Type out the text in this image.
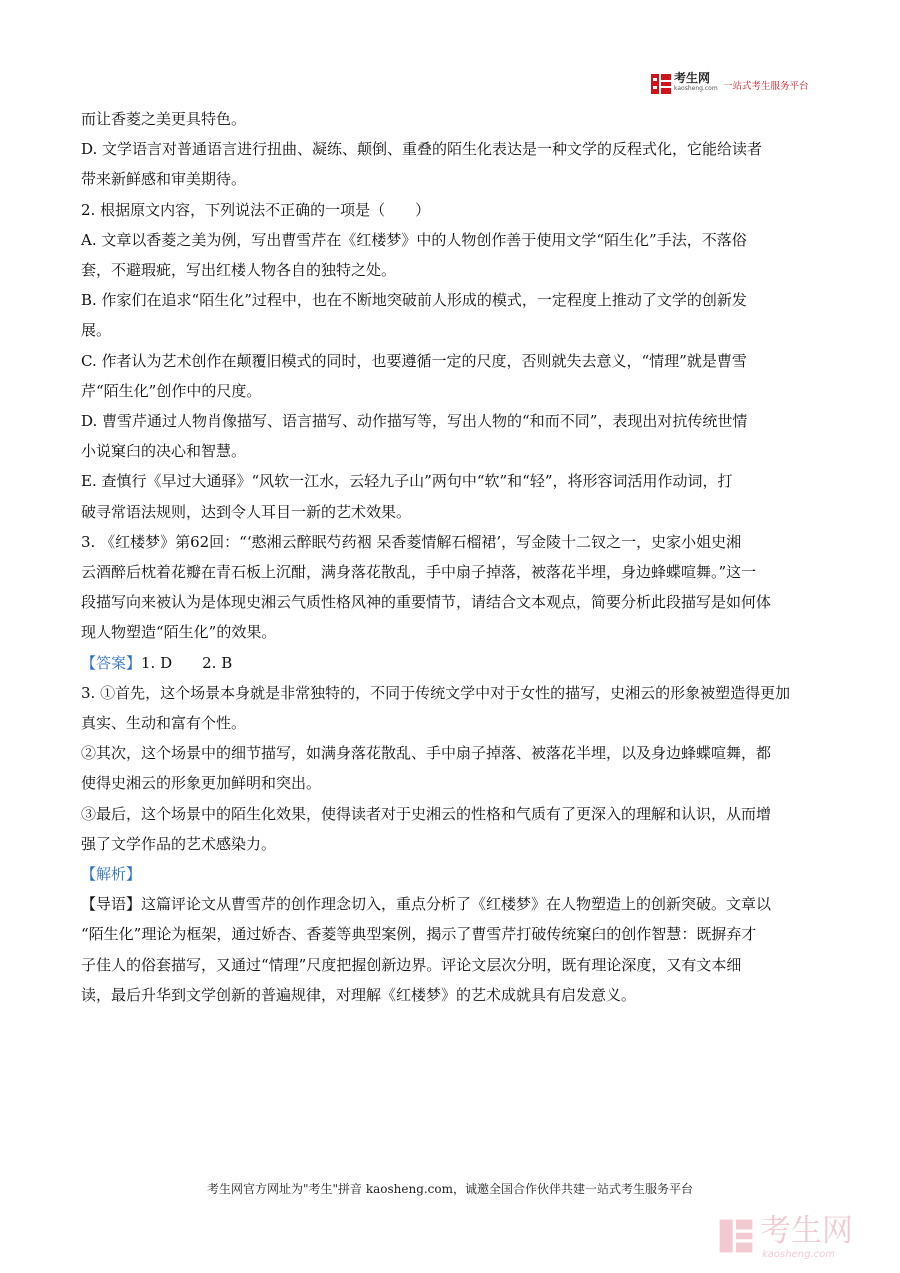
考生网
kaosheng.com 一站式考生服务平台

而让香菱之美更具特色。

D. 文学语言对普通语言进行扭曲、凝练、颠倒、重叠的陌生化表达是一种文学的反程式化，它能给读者

带来新鲜感和审美期待。

2. 根据原文内容，下列说法不正确的一项是（　　）

A. 文章以香菱之美为例，写出曹雪芹在《红楼梦》中的人物创作善于使用文学“陌生化”手法，不落俗

套，不避瑕疵，写出红楼人物各自的独特之处。

B. 作家们在追求“陌生化”过程中，也在不断地突破前人形成的模式，一定程度上推动了文学的创新发

展。

C. 作者认为艺术创作在颠覆旧模式的同时，也要遵循一定的尺度，否则就失去意义，“情理”就是曹雪

芹“陌生化”创作中的尺度。

D. 曹雪芹通过人物肖像描写、语言描写、动作描写等，写出人物的“和而不同”，表现出对抗传统世情

小说窠臼的决心和智慧。

E. 查慎行《早过大通驿》“风软一江水，云轻九子山”两句中“软”和“轻”，将形容词活用作动词，打

破寻常语法规则，达到令人耳目一新的艺术效果。

3. 《红楼梦》第62回：“‘憨湘云醉眠芍药裀 呆香菱情解石榴裙’，写金陵十二钗之一，史家小姐史湘

云酒醉后枕着花瓣在青石板上沉酣，满身落花散乱，手中扇子掉落，被落花半埋，身边蜂蝶喧舞。”这一

段描写向来被认为是体现史湘云气质性格风神的重要情节，请结合文本观点，简要分析此段描写是如何体

现人物塑造“陌生化”的效果。

【答案】1. D　　2. B

3. ①首先，这个场景本身就是非常独特的，不同于传统文学中对于女性的描写，史湘云的形象被塑造得更加

真实、生动和富有个性。

②其次，这个场景中的细节描写，如满身落花散乱、手中扇子掉落、被落花半埋，以及身边蜂蝶喧舞，都

使得史湘云的形象更加鲜明和突出。

③最后，这个场景中的陌生化效果，使得读者对于史湘云的性格和气质有了更深入的理解和认识，从而增

强了文学作品的艺术感染力。

【解析】

【导语】这篇评论文从曹雪芹的创作理念切入，重点分析了《红楼梦》在人物塑造上的创新突破。文章以

“陌生化”理论为框架，通过娇杏、香菱等典型案例，揭示了曹雪芹打破传统窠臼的创作智慧：既摒弃才

子佳人的俗套描写，又通过“情理”尺度把握创新边界。评论文层次分明，既有理论深度，又有文本细

读，最后升华到文学创新的普遍规律，对理解《红楼梦》的艺术成就具有启发意义。

考生网官方网址为"考生"拼音 kaosheng.com，诚邀全国合作伙伴共建一站式考生服务平台
考生网
kaosheng.com
